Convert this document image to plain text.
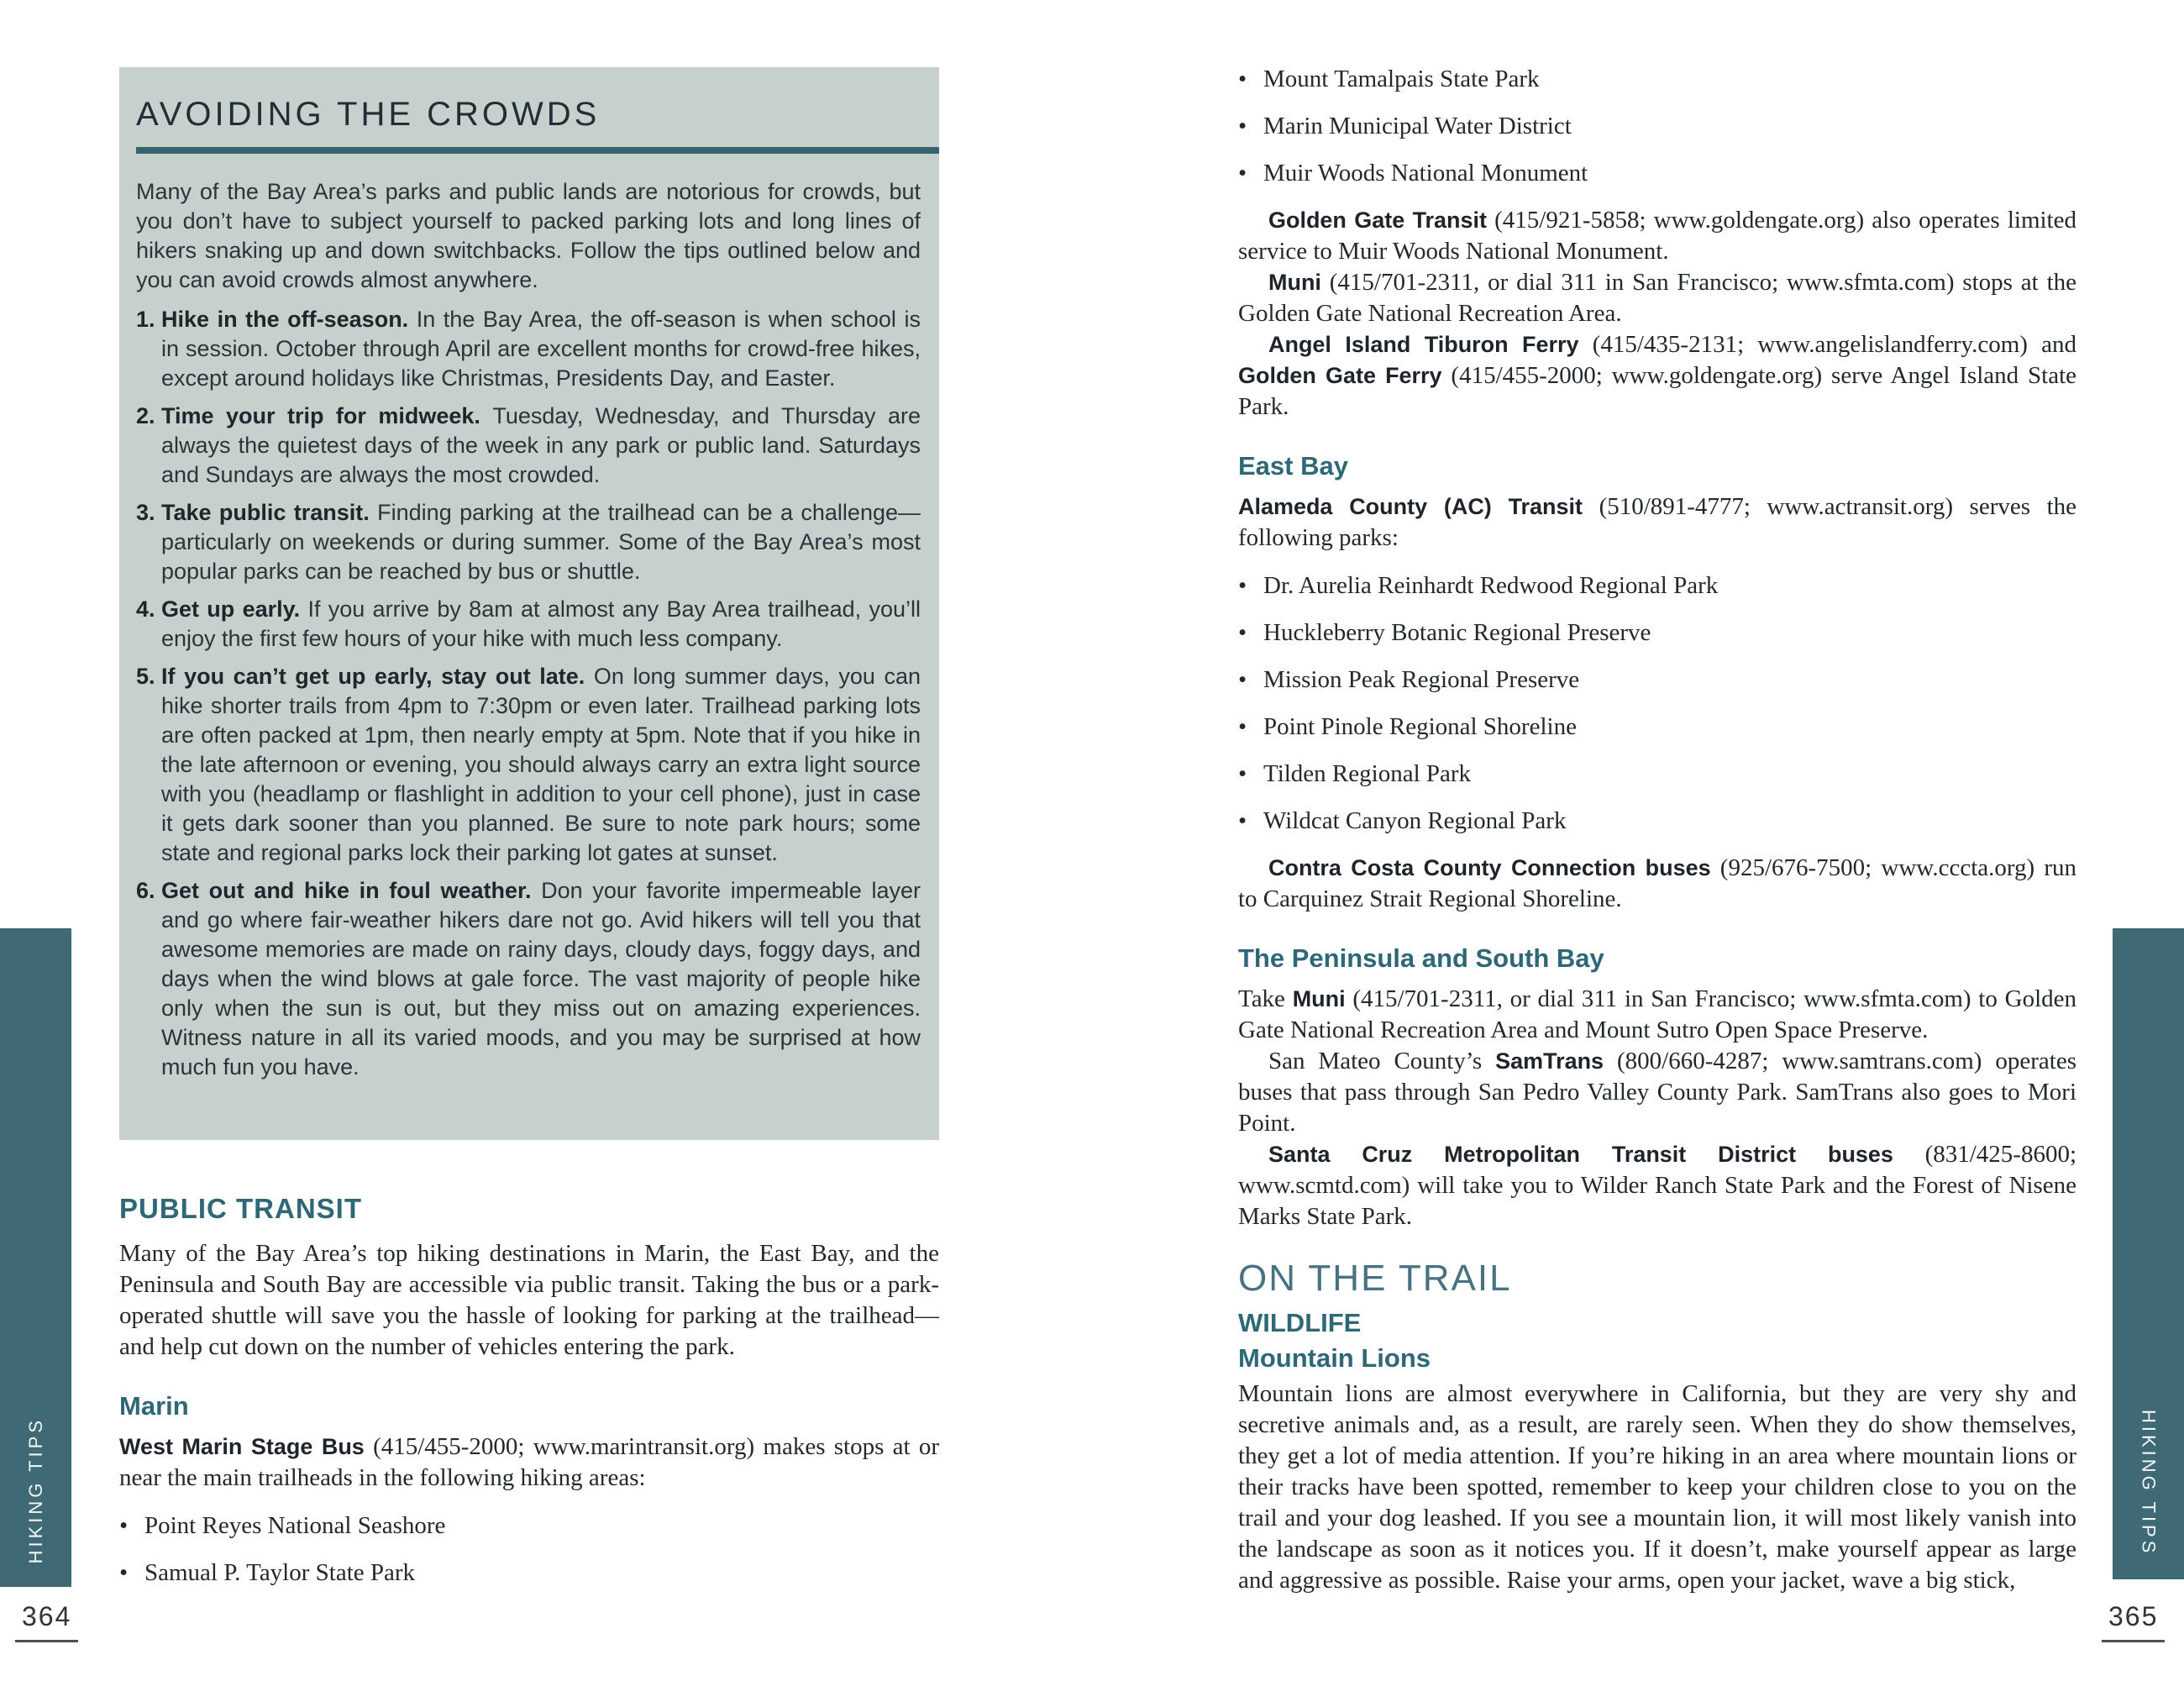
HIKING TIPS
AVOIDING THE CROWDS

Many of the Bay Area’s parks and public lands are notorious for crowds, but you don’t have to subject yourself to packed parking lots and long lines of hikers snaking up and down switchbacks. Follow the tips outlined below and you can avoid crowds almost anywhere.

1. Hike in the off-season. In the Bay Area, the off-season is when school is in session. October through April are excellent months for crowd-free hikes, except around holidays like Christmas, Presidents Day, and Easter.
2. Time your trip for midweek. Tuesday, Wednesday, and Thursday are always the quietest days of the week in any park or public land. Saturdays and Sundays are always the most crowded.
3. Take public transit. Finding parking at the trailhead can be a challenge—particularly on weekends or during summer. Some of the Bay Area’s most popular parks can be reached by bus or shuttle.
4. Get up early. If you arrive by 8am at almost any Bay Area trailhead, you’ll enjoy the first few hours of your hike with much less company.
5. If you can’t get up early, stay out late. On long summer days, you can hike shorter trails from 4pm to 7:30pm or even later. Trailhead parking lots are often packed at 1pm, then nearly empty at 5pm. Note that if you hike in the late afternoon or evening, you should always carry an extra light source with you (headlamp or flashlight in addition to your cell phone), just in case it gets dark sooner than you planned. Be sure to note park hours; some state and regional parks lock their parking lot gates at sunset.
6. Get out and hike in foul weather. Don your favorite impermeable layer and go where fair-weather hikers dare not go. Avid hikers will tell you that awesome memories are made on rainy days, cloudy days, foggy days, and days when the wind blows at gale force. The vast majority of people hike only when the sun is out, but they miss out on amazing experiences. Witness nature in all its varied moods, and you may be surprised at how much fun you have.
PUBLIC TRANSIT

Many of the Bay Area’s top hiking destinations in Marin, the East Bay, and the Peninsula and South Bay are accessible via public transit. Taking the bus or a park-operated shuttle will save you the hassle of looking for parking at the trailhead—and help cut down on the number of vehicles entering the park.

Marin

West Marin Stage Bus (415/455-2000; www.marintransit.org) makes stops at or near the main trailheads in the following hiking areas:

• Point Reyes National Seashore
• Samual P. Taylor State Park
364
• Mount Tamalpais State Park
• Marin Municipal Water District
• Muir Woods National Monument

Golden Gate Transit (415/921-5858; www.goldengate.org) also operates limited service to Muir Woods National Monument.

Muni (415/701-2311, or dial 311 in San Francisco; www.sfmta.com) stops at the Golden Gate National Recreation Area.

Angel Island Tiburon Ferry (415/435-2131; www.angelislandferry.com) and Golden Gate Ferry (415/455-2000; www.goldengate.org) serve Angel Island State Park.

East Bay

Alameda County (AC) Transit (510/891-4777; www.actransit.org) serves the following parks:

• Dr. Aurelia Reinhardt Redwood Regional Park
• Huckleberry Botanic Regional Preserve
• Mission Peak Regional Preserve
• Point Pinole Regional Shoreline
• Tilden Regional Park
• Wildcat Canyon Regional Park

Contra Costa County Connection buses (925/676-7500; www.cccta.org) run to Carquinez Strait Regional Shoreline.

The Peninsula and South Bay

Take Muni (415/701-2311, or dial 311 in San Francisco; www.sfmta.com) to Golden Gate National Recreation Area and Mount Sutro Open Space Preserve.

San Mateo County’s SamTrans (800/660-4287; www.samtrans.com) operates buses that pass through San Pedro Valley County Park. SamTrans also goes to Mori Point.

Santa Cruz Metropolitan Transit District buses (831/425-8600; www.scmtd.com) will take you to Wilder Ranch State Park and the Forest of Nisene Marks State Park.

ON THE TRAIL
WILDLIFE
Mountain Lions

Mountain lions are almost everywhere in California, but they are very shy and secretive animals and, as a result, are rarely seen. When they do show themselves, they get a lot of media attention. If you’re hiking in an area where mountain lions or their tracks have been spotted, remember to keep your children close to you on the trail and your dog leashed. If you see a mountain lion, it will most likely vanish into the landscape as soon as it notices you. If it doesn’t, make yourself appear as large and aggressive as possible. Raise your arms, open your jacket, wave a big stick,

HIKING TIPS
365
